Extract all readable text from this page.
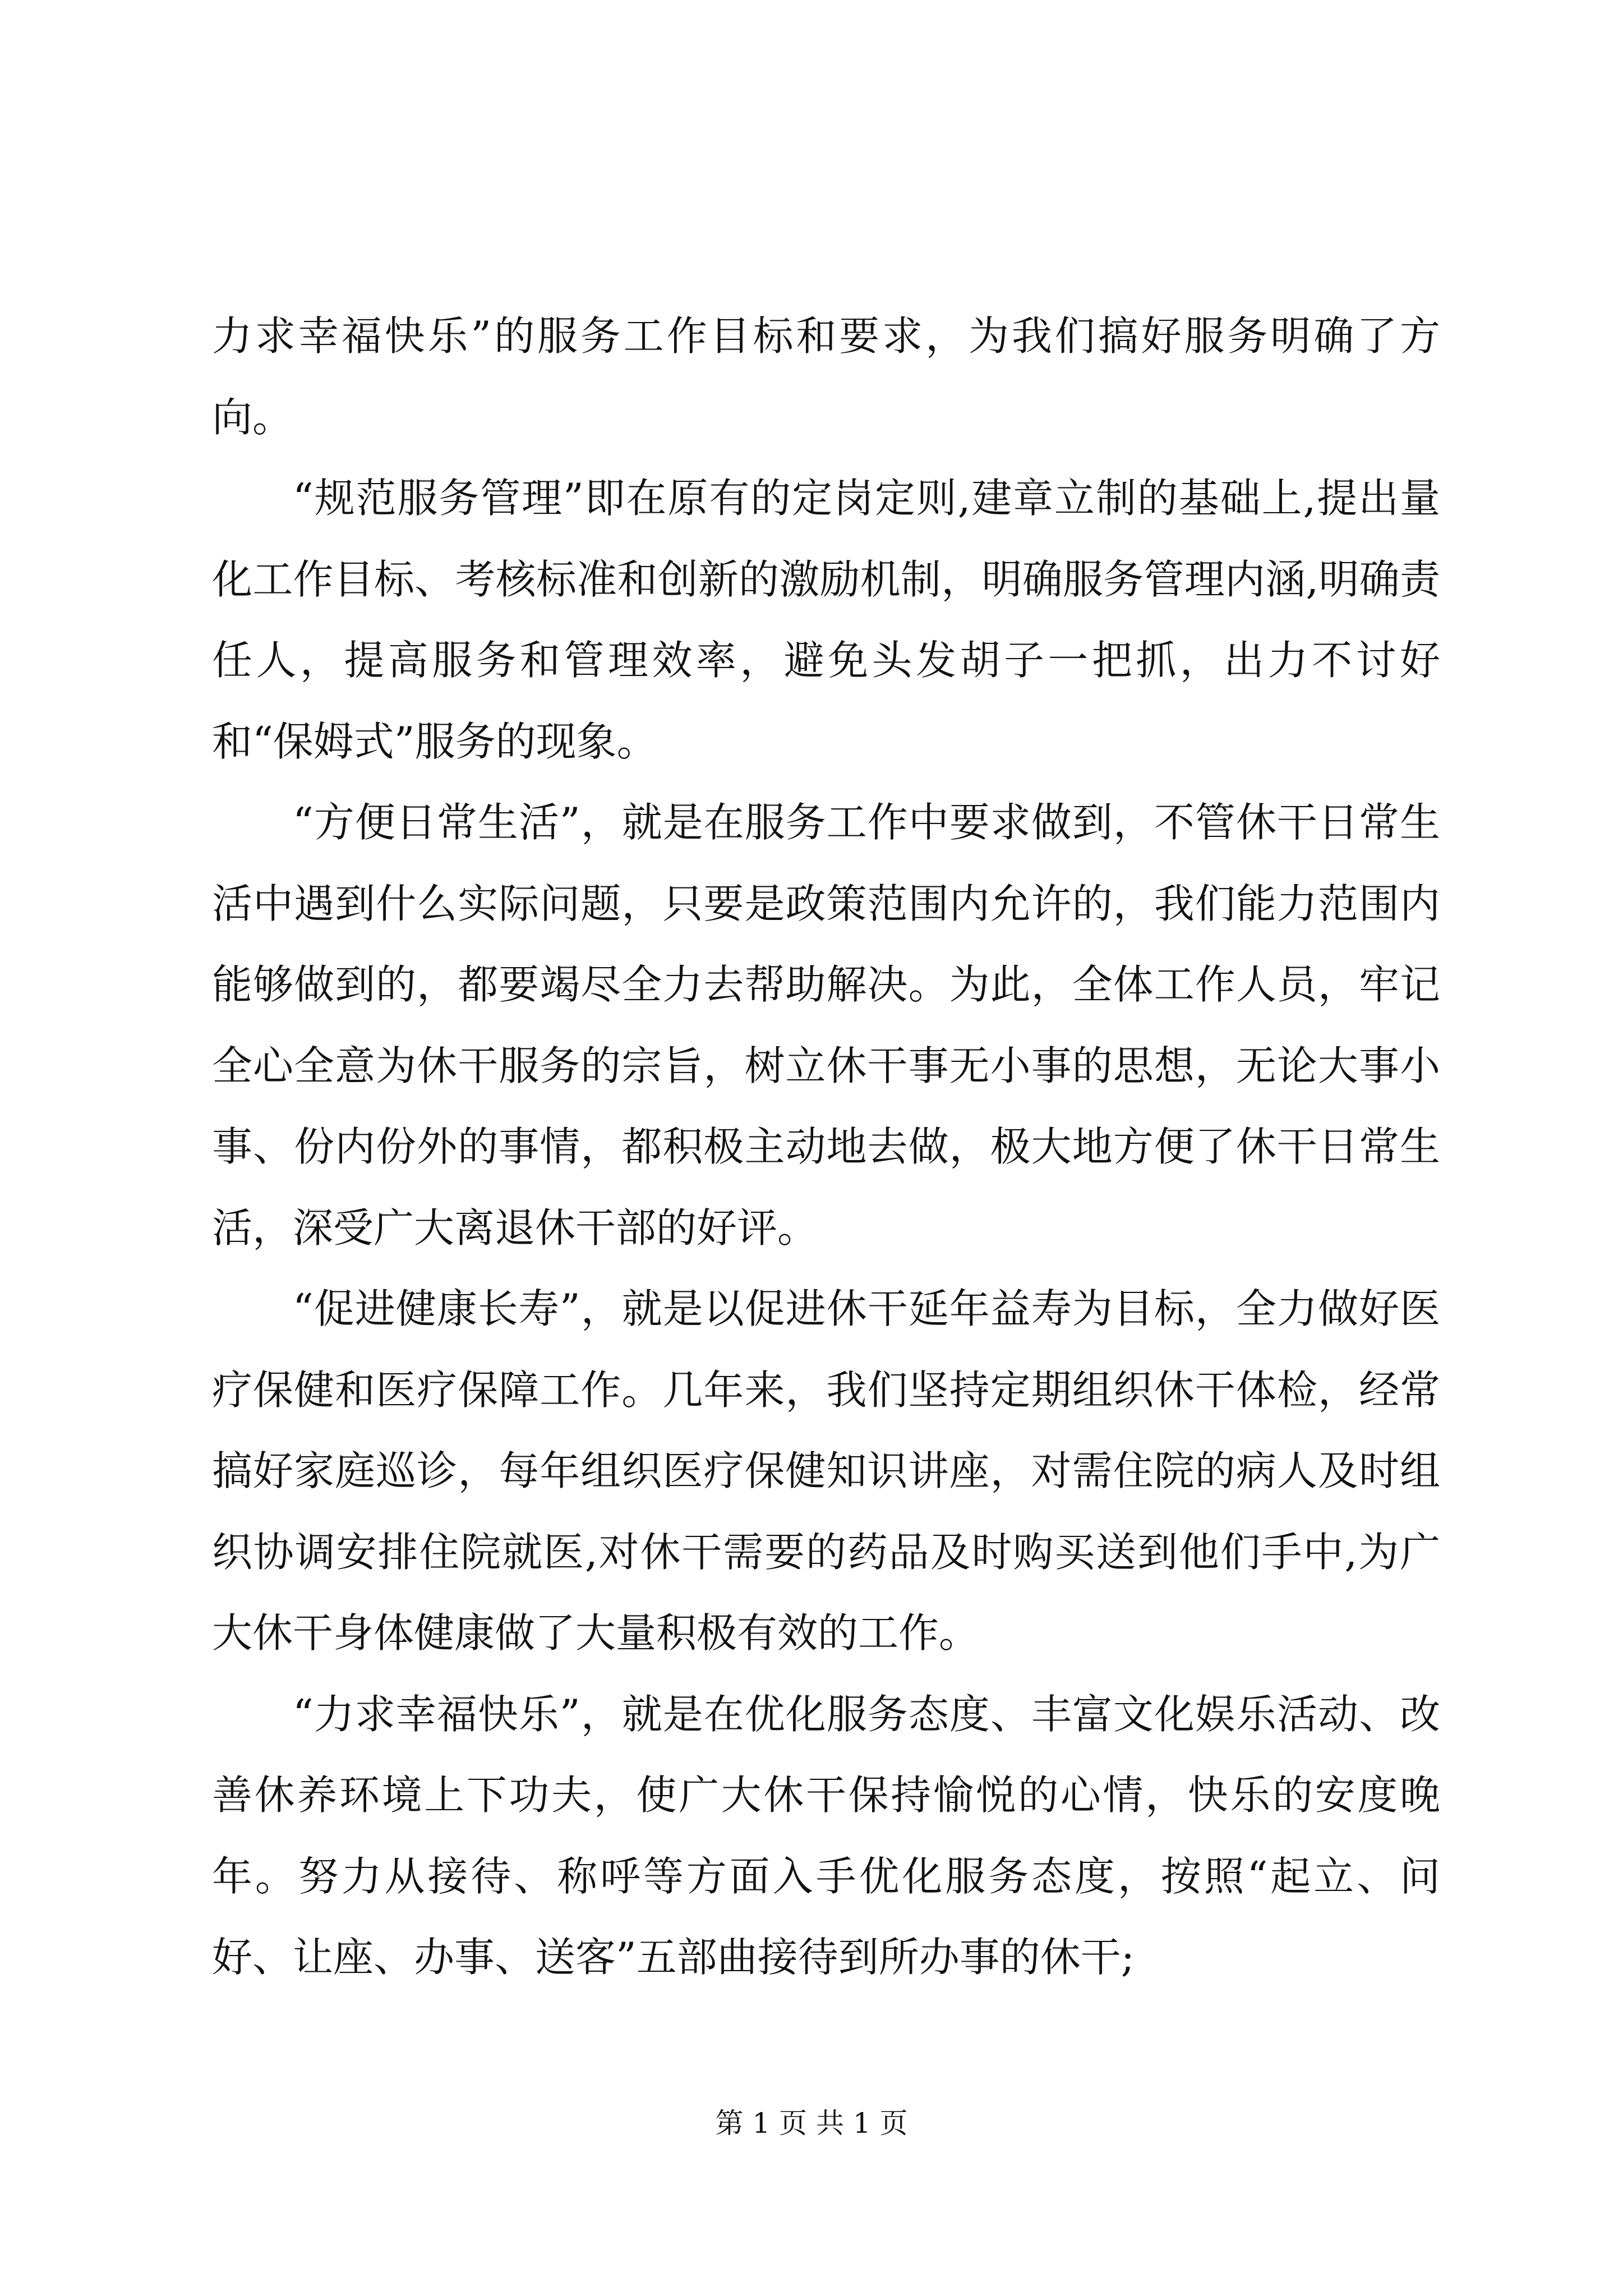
力求幸福快乐”的服务工作目标和要求，为我们搞好服务明确了方向。

“规范服务管理”即在原有的定岗定则,建章立制的基础上,提出量化工作目标、考核标准和创新的激励机制，明确服务管理内涵,明确责任人，提高服务和管理效率，避免头发胡子一把抓，出力不讨好和“保姆式”服务的现象。

“方便日常生活”，就是在服务工作中要求做到，不管休干日常生活中遇到什么实际问题，只要是政策范围内允许的，我们能力范围内能够做到的，都要竭尽全力去帮助解决。为此，全体工作人员，牢记全心全意为休干服务的宗旨，树立休干事无小事的思想，无论大事小事、份内份外的事情，都积极主动地去做，极大地方便了休干日常生活，深受广大离退休干部的好评。

“促进健康长寿”，就是以促进休干延年益寿为目标，全力做好医疗保健和医疗保障工作。几年来，我们坚持定期组织休干体检，经常搞好家庭巡诊，每年组织医疗保健知识讲座，对需住院的病人及时组织协调安排住院就医,对休干需要的药品及时购买送到他们手中,为广大休干身体健康做了大量积极有效的工作。

“力求幸福快乐”，就是在优化服务态度、丰富文化娱乐活动、改善休养环境上下功夫，使广大休干保持愉悦的心情，快乐的安度晚年。努力从接待、称呼等方面入手优化服务态度，按照“起立、问好、让座、办事、送客”五部曲接待到所办事的休干;

第 1 页 共 1 页
